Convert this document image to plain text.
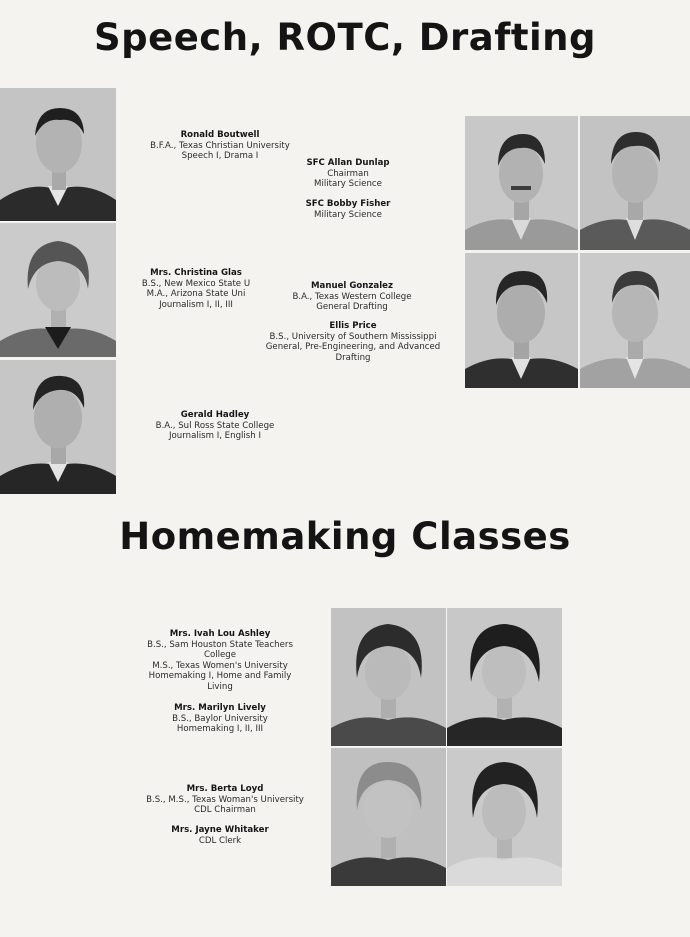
Speech, ROTC, Drafting
Homemaking Classes
Ronald Boutwell
B.F.A., Texas Christian University
Speech I, Drama I
SFC Allan Dunlap
Chairman
Military Science
SFC Bobby Fisher
Military Science
Mrs. Christina Glas
B.S., New Mexico State U
M.A., Arizona State Uni
Journalism I, II, III
Manuel Gonzalez
B.A., Texas Western College
General Drafting
Ellis Price
B.S., University of Southern Mississippi
General, Pre-Engineering, and Advanced
Drafting
Gerald Hadley
B.A., Sul Ross State College
Journalism I, English I
Mrs. Ivah Lou Ashley
B.S., Sam Houston State Teachers College
M.S., Texas Women's University
Homemaking I, Home and Family Living
Mrs. Marilyn Lively
B.S., Baylor University
Homemaking I, II, III
Mrs. Berta Loyd
B.S., M.S., Texas Woman's University
CDL Chairman
Mrs. Jayne Whitaker
CDL Clerk
